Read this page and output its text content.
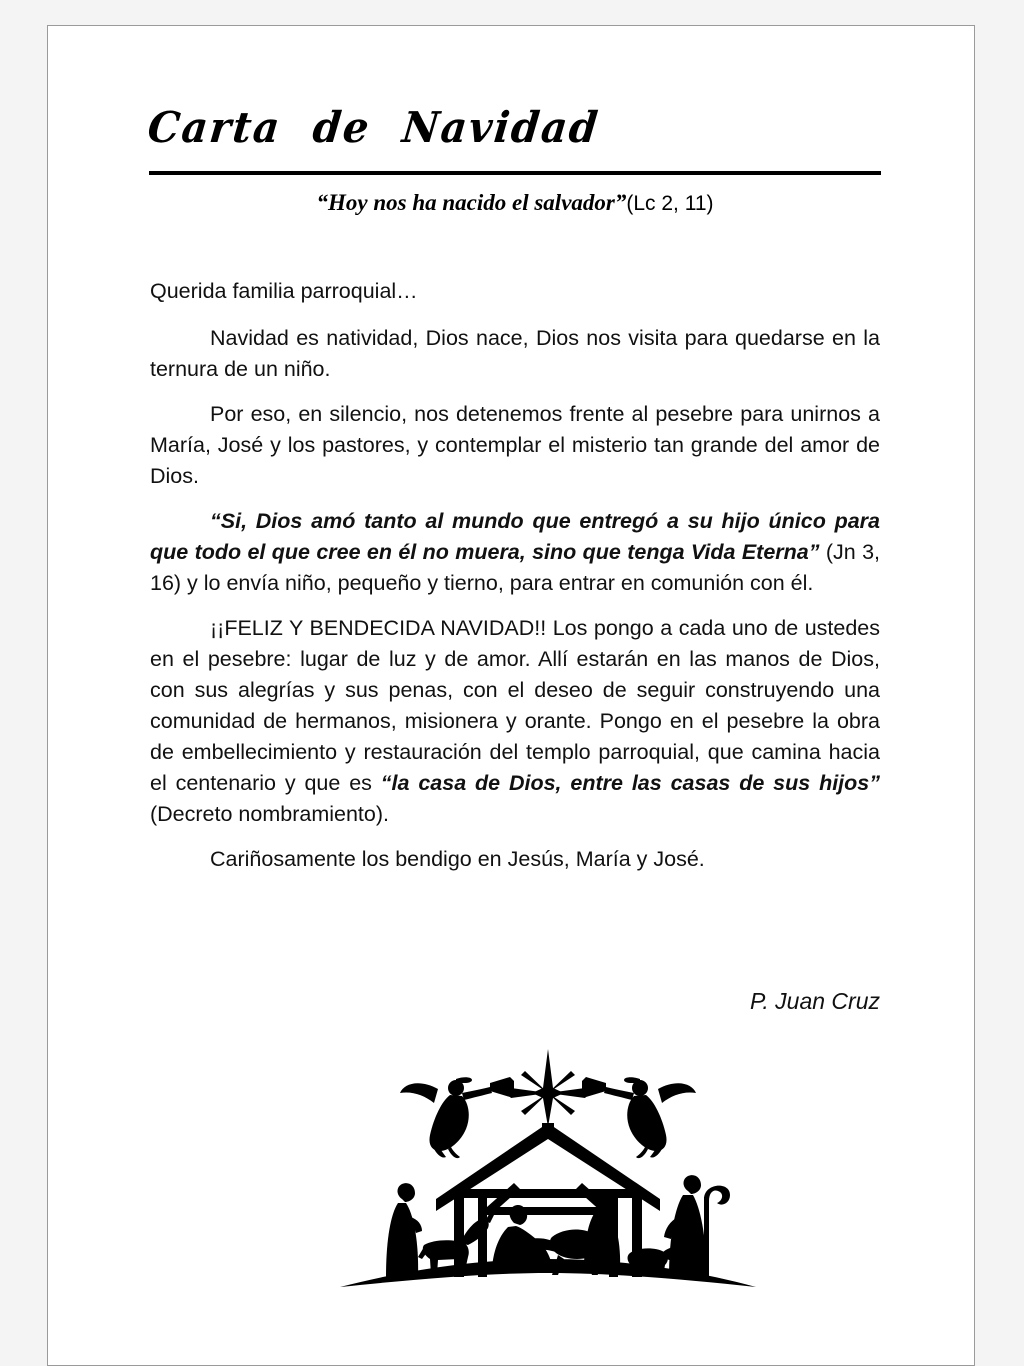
Carta de Navidad
“Hoy nos ha nacido el salvador”(Lc 2, 11)

Querida familia parroquial…

Navidad es natividad, Dios nace, Dios nos visita para quedarse en la ternura de un niño.

Por eso, en silencio, nos detenemos frente al pesebre para unirnos a María, José y los pastores, y contemplar el misterio tan grande del amor de Dios.

“Si, Dios amó tanto al mundo que entregó a su hijo único para que todo el que cree en él no muera, sino que tenga Vida Eterna” (Jn 3, 16) y lo envía niño, pequeño y tierno, para entrar en comunión con él.

¡¡FELIZ Y BENDECIDA NAVIDAD!! Los pongo a cada uno de ustedes en el pesebre: lugar de luz y de amor. Allí estarán en las manos de Dios, con sus alegrías y sus penas, con el deseo de seguir construyendo una comunidad de hermanos, misionera y orante. Pongo en el pesebre la obra de embellecimiento y restauración del templo parroquial, que camina hacia el centenario y que es “la casa de Dios, entre las casas de sus hijos” (Decreto nombramiento).

Cariñosamente los bendigo en Jesús, María y José.

P. Juan Cruz
